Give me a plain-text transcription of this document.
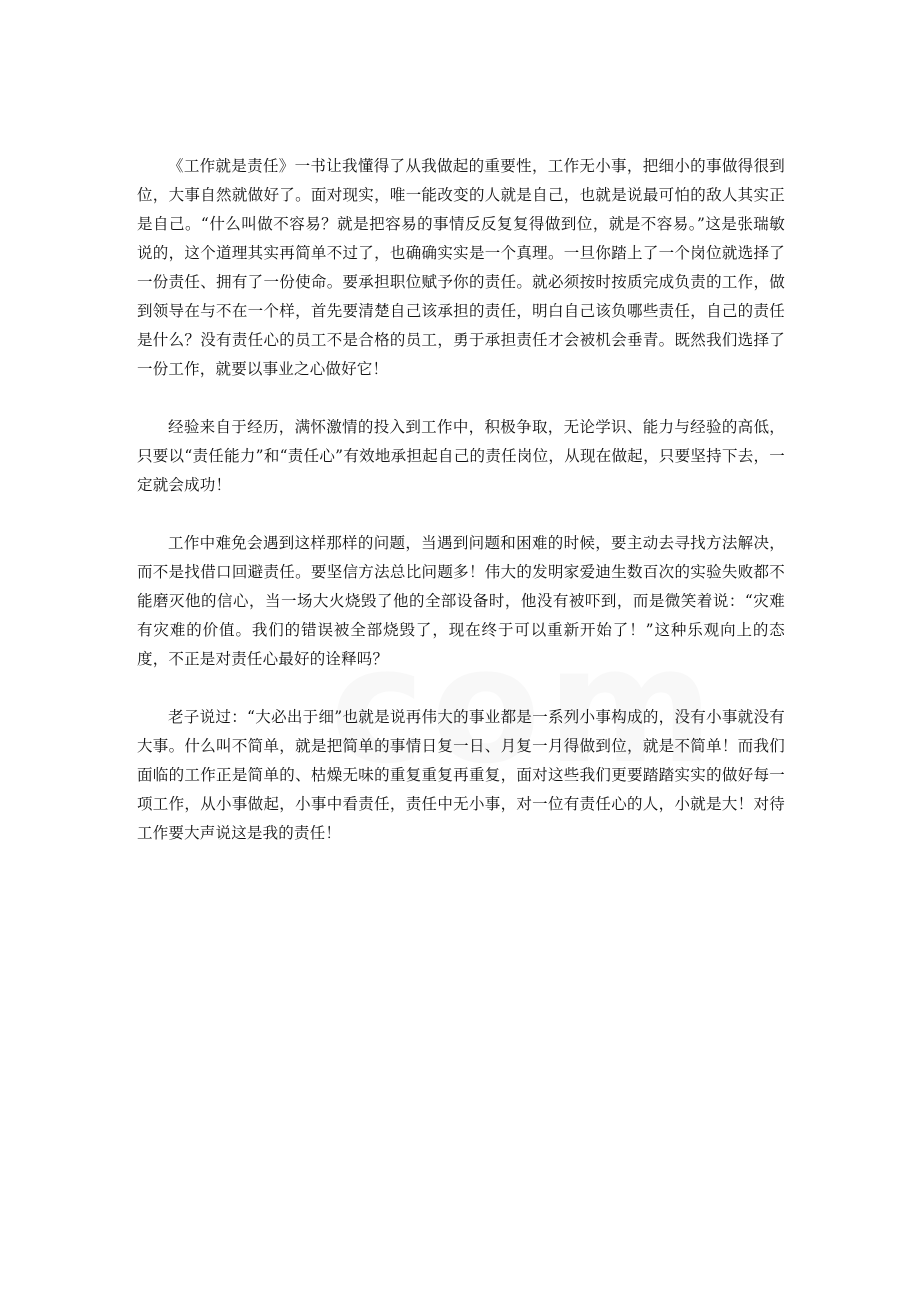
《工作就是责任》一书让我懂得了从我做起的重要性，工作无小事，把细小的事做得很到位，大事自然就做好了。面对现实，唯一能改变的人就是自己，也就是说最可怕的敌人其实正是自己。“什么叫做不容易？就是把容易的事情反反复复得做到位，就是不容易。”这是张瑞敏说的，这个道理其实再简单不过了，也确确实实是一个真理。一旦你踏上了一个岗位就选择了一份责任、拥有了一份使命。要承担职位赋予你的责任。就必须按时按质完成负责的工作，做到领导在与不在一个样，首先要清楚自己该承担的责任，明白自己该负哪些责任，自己的责任是什么？没有责任心的员工不是合格的员工，勇于承担责任才会被机会垂青。既然我们选择了一份工作，就要以事业之心做好它！

经验来自于经历，满怀激情的投入到工作中，积极争取，无论学识、能力与经验的高低，只要以“责任能力”和“责任心”有效地承担起自己的责任岗位，从现在做起，只要坚持下去，一定就会成功！

工作中难免会遇到这样那样的问题，当遇到问题和困难的时候，要主动去寻找方法解决，而不是找借口回避责任。要坚信方法总比问题多！伟大的发明家爱迪生数百次的实验失败都不能磨灭他的信心，当一场大火烧毁了他的全部设备时，他没有被吓到，而是微笑着说：“灾难有灾难的价值。我们的错误被全部烧毁了，现在终于可以重新开始了！”这种乐观向上的态度，不正是对责任心最好的诠释吗？

老子说过：“大必出于细”也就是说再伟大的事业都是一系列小事构成的，没有小事就没有大事。什么叫不简单，就是把简单的事情日复一日、月复一月得做到位，就是不简单！而我们面临的工作正是简单的、枯燥无味的重复重复再重复，面对这些我们更要踏踏实实的做好每一项工作，从小事做起，小事中看责任，责任中无小事，对一位有责任心的人，小就是大！对待工作要大声说这是我的责任！
